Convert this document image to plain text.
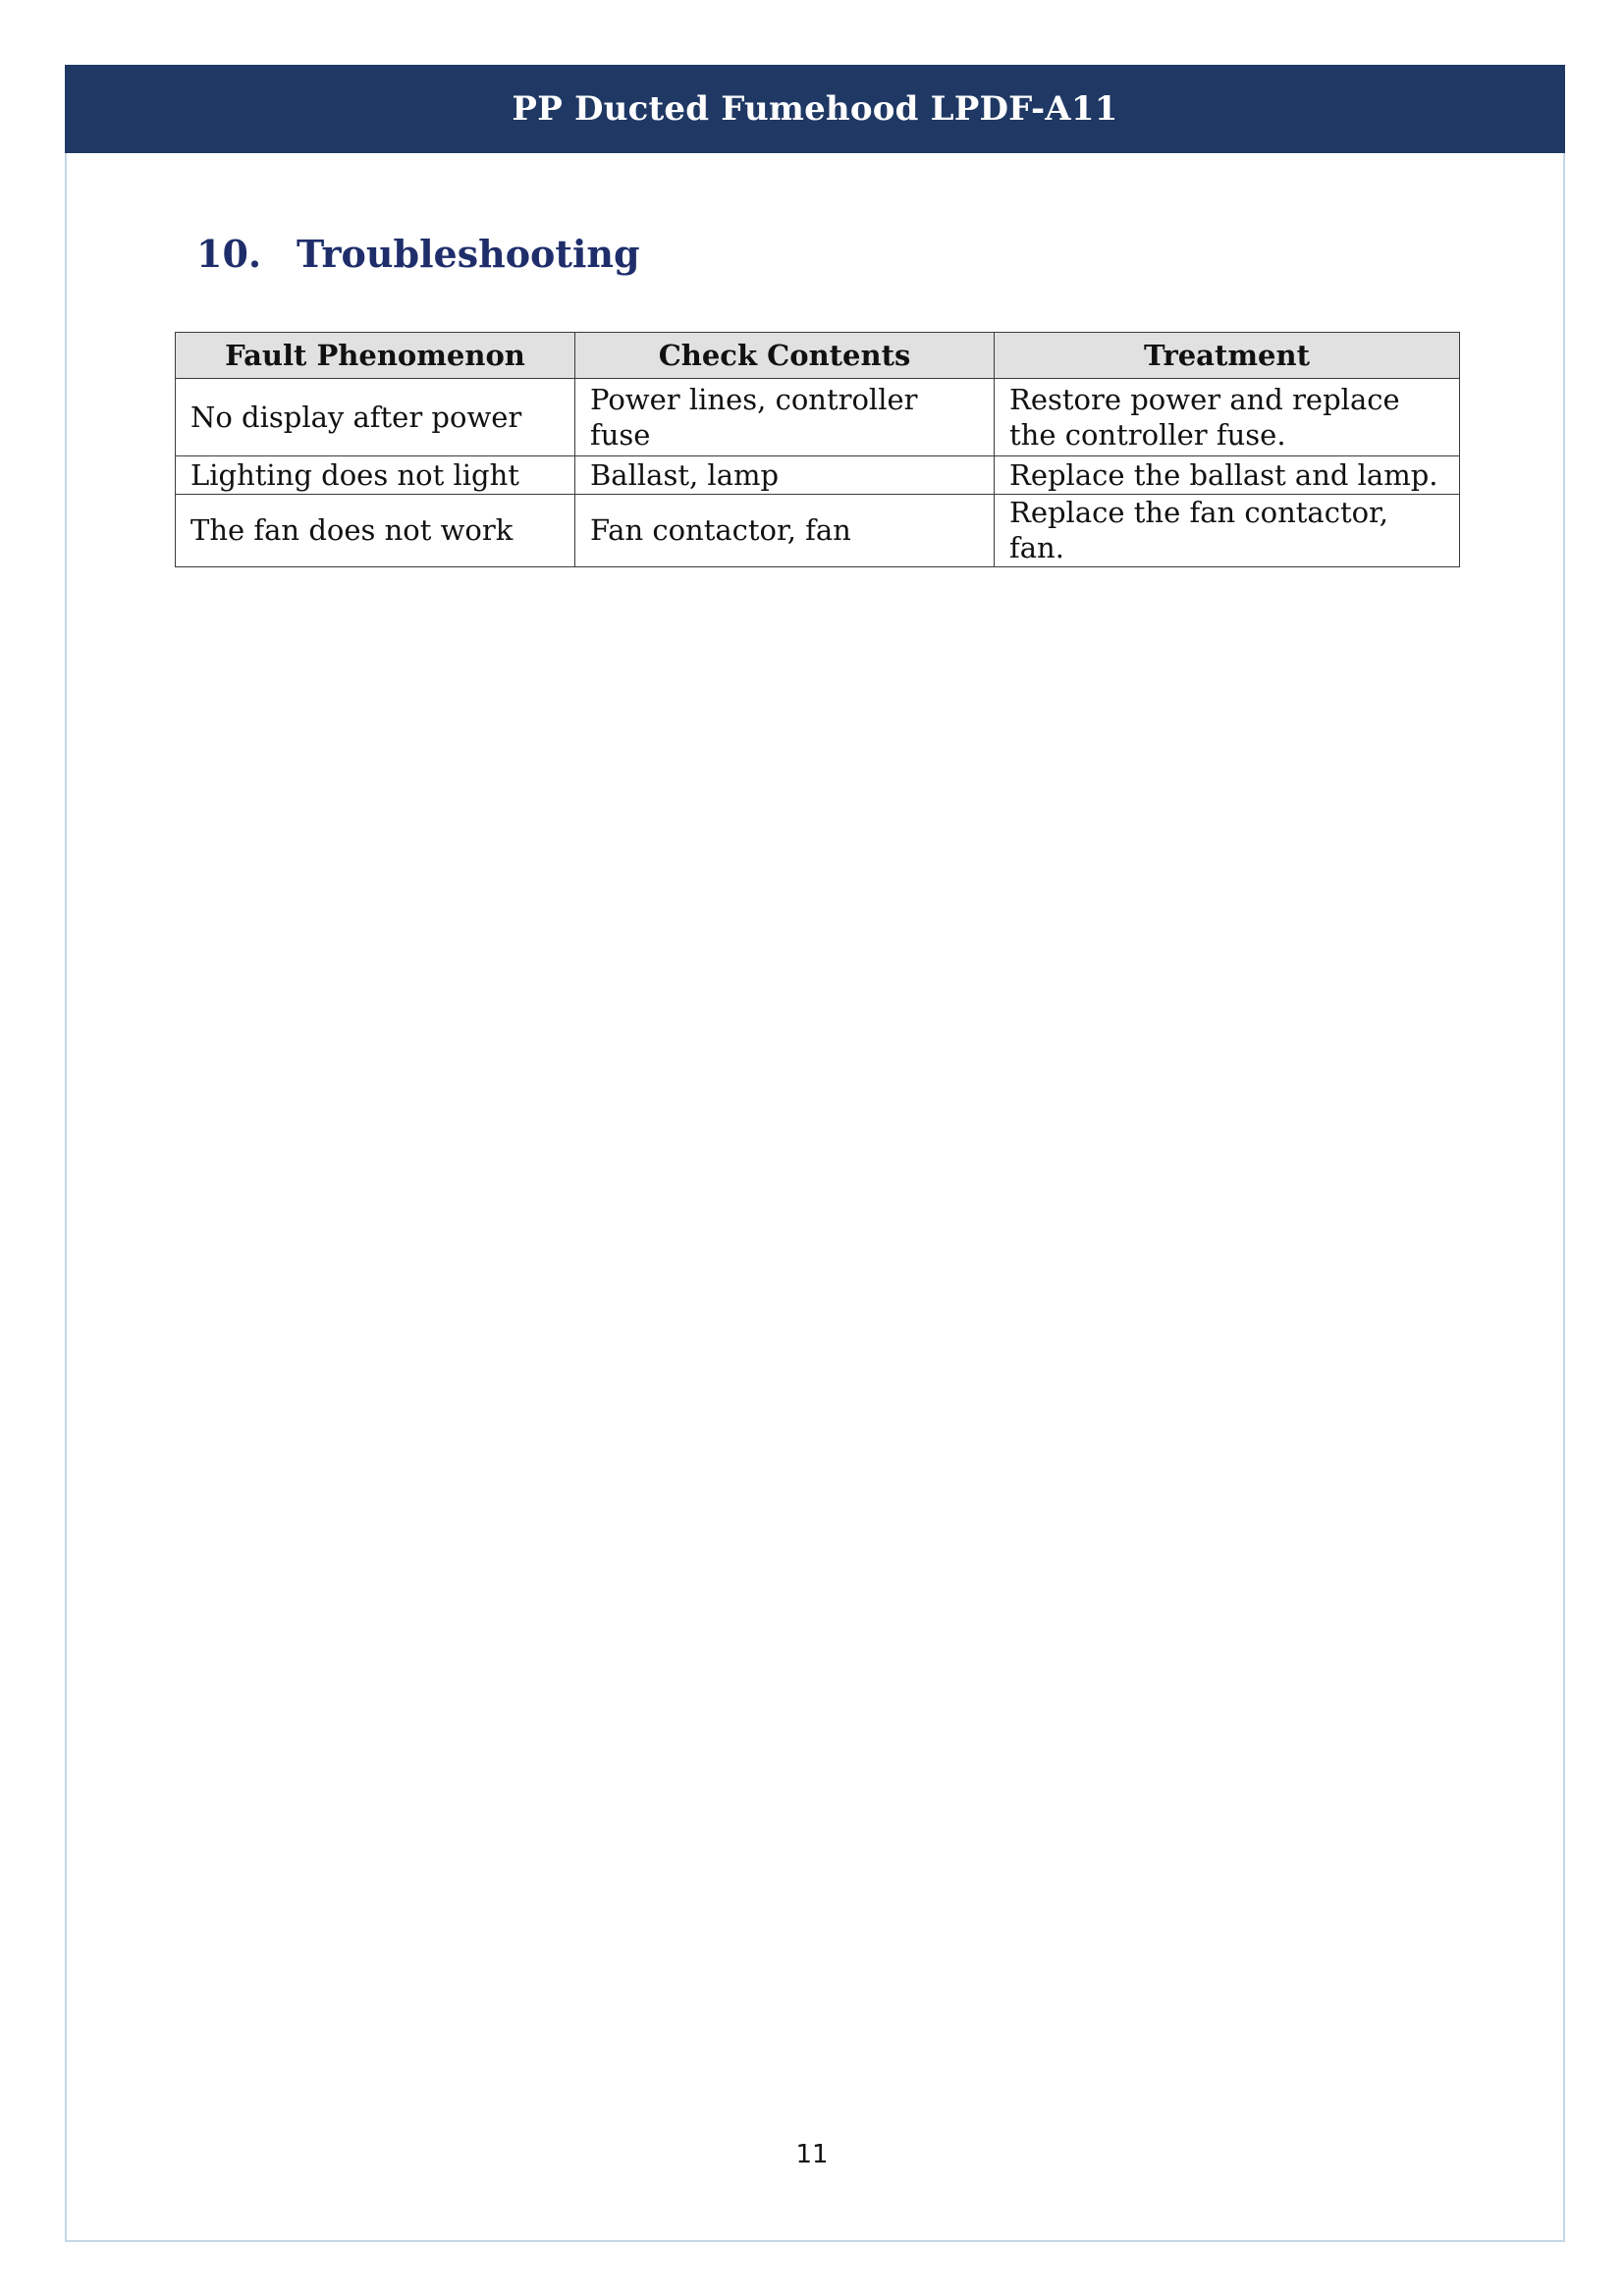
PP Ducted Fumehood LPDF-A11
10. Troubleshooting
Fault Phenomenon	Check Contents	Treatment
No display after power	Power lines, controller fuse	Restore power and replace the controller fuse.
Lighting does not light	Ballast, lamp	Replace the ballast and lamp.
The fan does not work	Fan contactor, fan	Replace the fan contactor, fan.
11
